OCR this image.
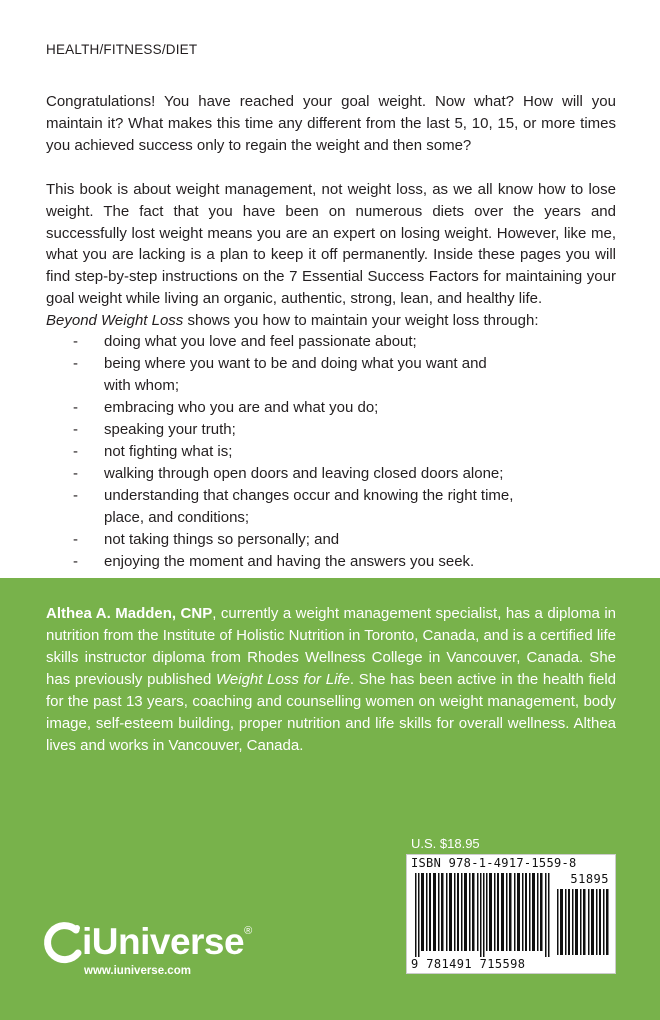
HEALTH/FITNESS/DIET

Congratulations! You have reached your goal weight. Now what? How will you maintain it? What makes this time any different from the last 5, 10, 15, or more times you achieved success only to regain the weight and then some?

This book is about weight management, not weight loss, as we all know how to lose weight. The fact that you have been on numerous diets over the years and successfully lost weight means you are an expert on losing weight. However, like me, what you are lacking is a plan to keep it off permanently. Inside these pages you will find step-by-step instructions on the 7 Essential Success Factors for maintaining your goal weight while living an organic, authentic, strong, lean, and healthy life.

Beyond Weight Loss shows you how to maintain your weight loss through:

- doing what you love and feel passionate about;
- being where you want to be and doing what you want and with whom;
- embracing who you are and what you do;
- speaking your truth;
- not fighting what is;
- walking through open doors and leaving closed doors alone;
- understanding that changes occur and knowing the right time, place, and conditions;
- not taking things so personally; and
- enjoying the moment and having the answers you seek.

Althea A. Madden, CNP, currently a weight management specialist, has a diploma in nutrition from the Institute of Holistic Nutrition in Toronto, Canada, and is a certified life skills instructor diploma from Rhodes Wellness College in Vancouver, Canada. She has previously published Weight Loss for Life. She has been active in the health field for the past 13 years, coaching and counselling women on weight management, body image, self-esteem building, proper nutrition and life skills for overall wellness. Althea lives and works in Vancouver, Canada.

U.S. $18.95
ISBN 978-1-4917-1559-8
51895
9 781491 715598
iUniverse®
www.iuniverse.com
